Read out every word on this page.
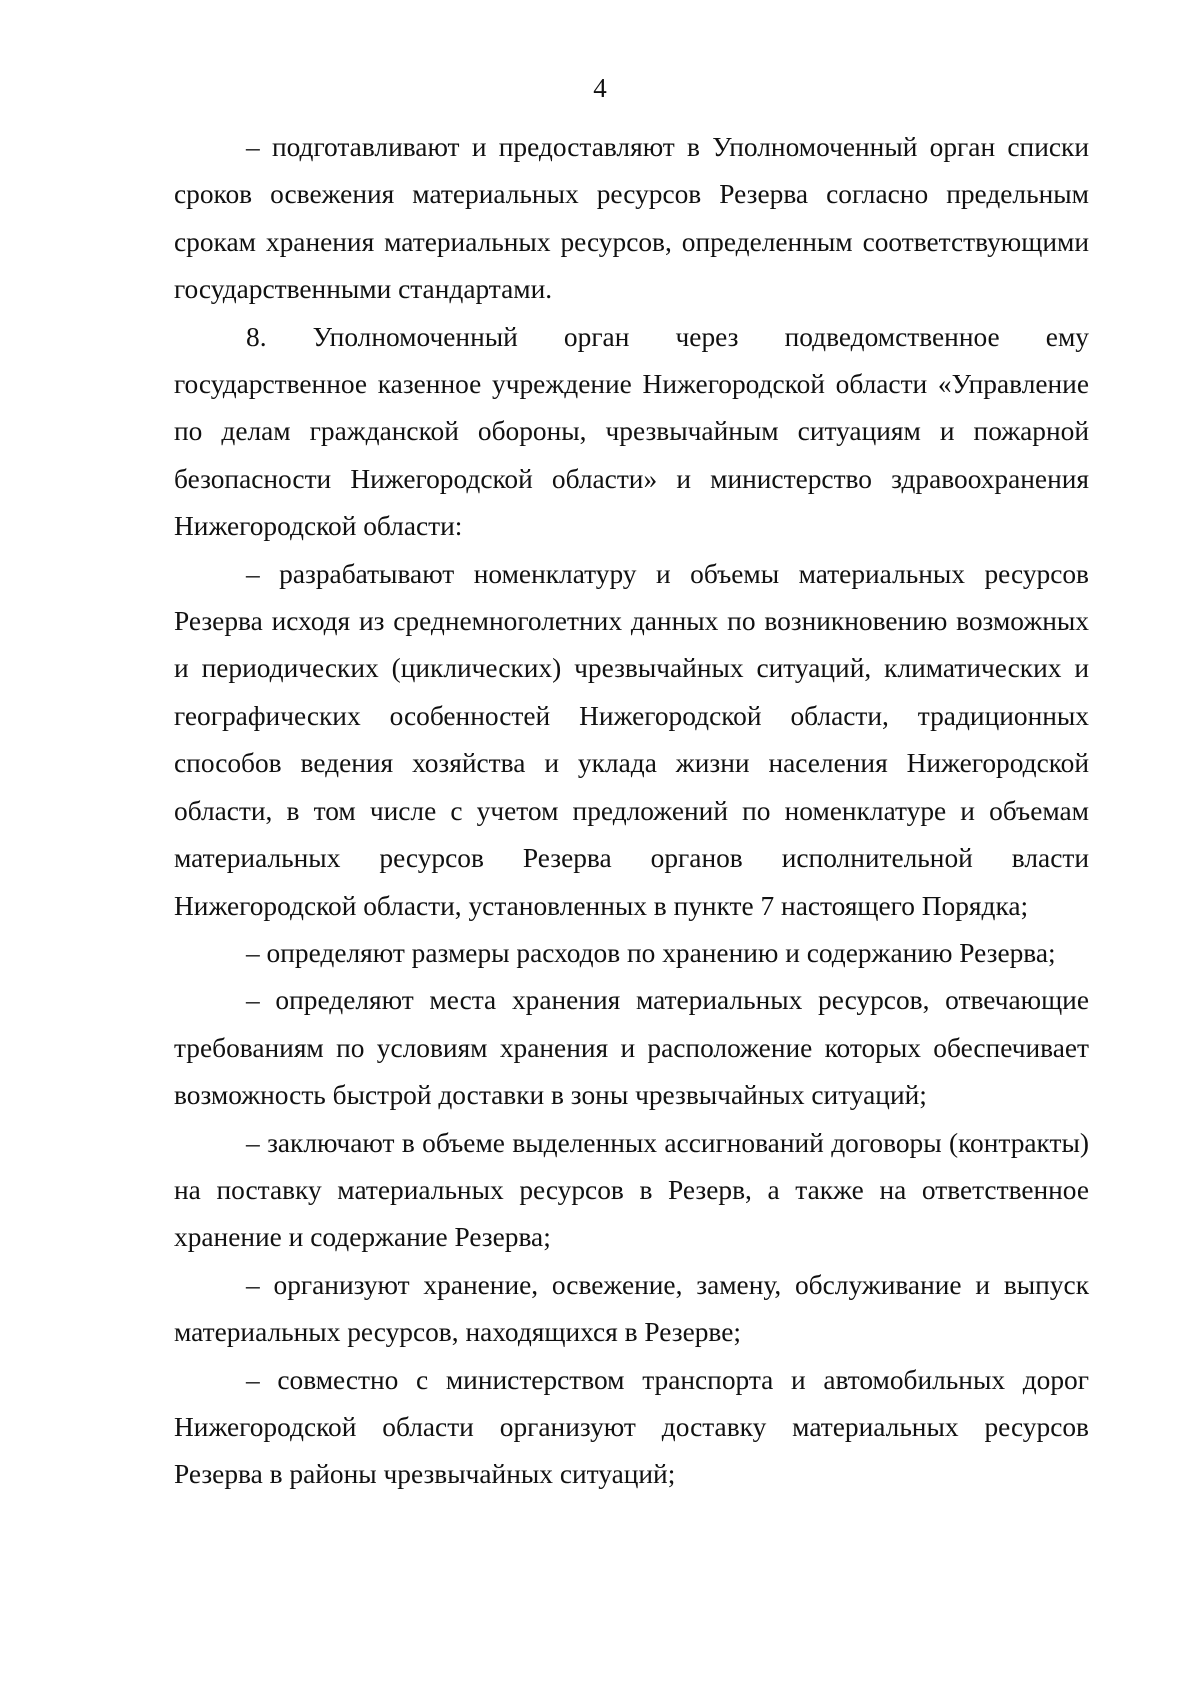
4

– подготавливают и предоставляют в Уполномоченный орган списки сроков освежения материальных ресурсов Резерва согласно предельным срокам хранения материальных ресурсов, определенным соответствующими государственными стандартами.

8. Уполномоченный орган через подведомственное ему государственное казенное учреждение Нижегородской области «Управление по делам гражданской обороны, чрезвычайным ситуациям и пожарной безопасности Нижегородской области» и министерство здравоохранения Нижегородской области:

– разрабатывают номенклатуру и объемы материальных ресурсов Резерва исходя из среднемноголетних данных по возникновению возможных и периодических (циклических) чрезвычайных ситуаций, климатических и географических особенностей Нижегородской области, традиционных способов ведения хозяйства и уклада жизни населения Нижегородской области, в том числе с учетом предложений по номенклатуре и объемам материальных ресурсов Резерва органов исполнительной власти Нижегородской области, установленных в пункте 7 настоящего Порядка;

– определяют размеры расходов по хранению и содержанию Резерва;

– определяют места хранения материальных ресурсов, отвечающие требованиям по условиям хранения и расположение которых обеспечивает возможность быстрой доставки в зоны чрезвычайных ситуаций;

– заключают в объеме выделенных ассигнований договоры (контракты) на поставку материальных ресурсов в Резерв, а также на ответственное хранение и содержание Резерва;

– организуют хранение, освежение, замену, обслуживание и выпуск материальных ресурсов, находящихся в Резерве;

– совместно с министерством транспорта и автомобильных дорог Нижегородской области организуют доставку материальных ресурсов Резерва в районы чрезвычайных ситуаций;
